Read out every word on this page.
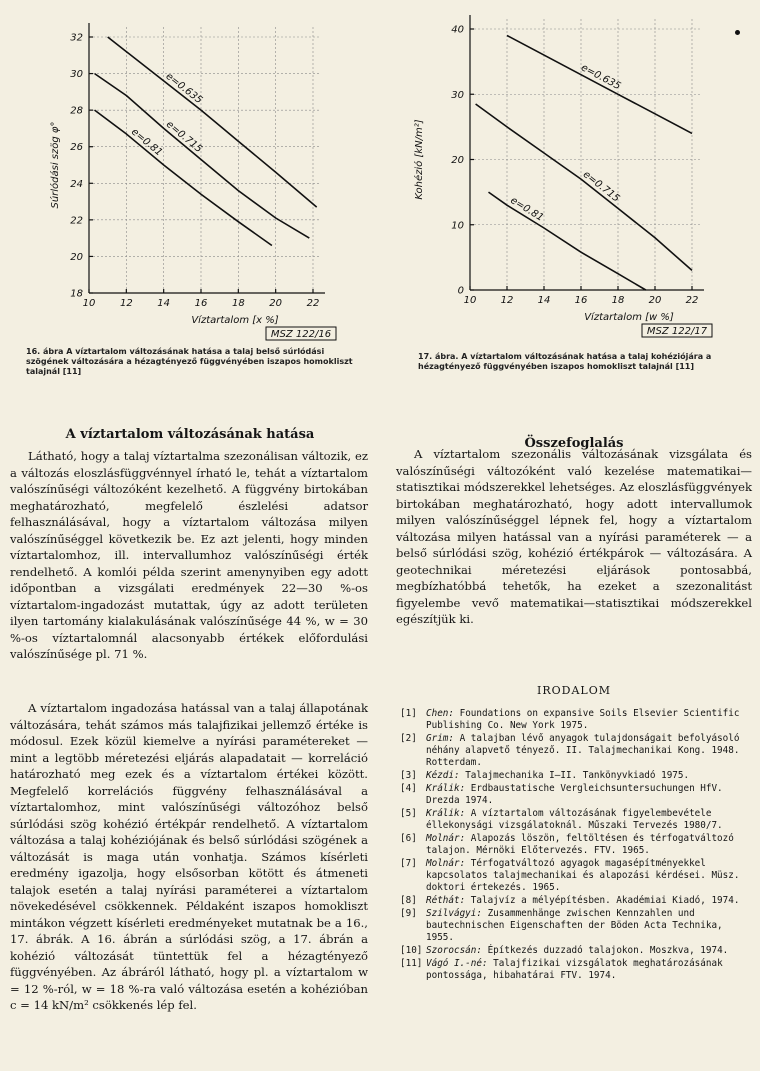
10 12 14 16 18 20 22
18
20
22
24
26
28
30
32
e=0.635
e=0.715
e=0.81
Súrlódási szög φ°
Víztartalom [x %]
MSZ 122/16
16. ábra A víztartalom változásának hatása a talaj belső súrlódási szögének változására a hézagtényező függvényében iszapos homokliszt talajnál [11]
A víztartalom változásának hatása

Látható, hogy a talaj víztartalma szezonálisan változik, ez a változás eloszlásfüggvénnyel írható le, tehát a víztartalom valószínűségi változóként kezelhető. A függvény birtokában meghatározható, megfelelő észlelési adatsor felhasználásával, hogy a víztartalom változása milyen valószínűséggel következik be. Ez azt jelenti, hogy minden víztartalomhoz, ill. intervallumhoz valószínűségi érték rendelhető. A komlói példa szerint amenynyiben egy adott időpontban a vizsgálati eredmények 22—30 %-os víztartalom-ingadozást mutattak, úgy az adott területen ilyen tartomány kialakulásának valószínűsége 44 %, w = 30 %-os víztartalomnál alacsonyabb értékek előfordulási valószínűsége pl. 71 %.

A víztartalom ingadozása hatással van a talaj állapotának változására, tehát számos más talajfizikai jellemző értéke is módosul. Ezek közül kiemelve a nyírási paramétereket — mint a legtöbb méretezési eljárás alapadatait — korreláció határozható meg ezek és a víztartalom értékei között. Megfelelő korrelációs függvény felhasználásával a víztartalomhoz, mint valószínűségi változóhoz belső súrlódási szög kohézió értékpár rendelhető. A víztartalom változása a talaj kohéziójának és belső súrlódási szögének a változását is maga után vonhatja. Számos kísérleti eredmény igazolja, hogy elsősorban kötött és átmeneti talajok esetén a talaj nyírási paraméterei a víztartalom növekedésével csökkennek. Példaként iszapos homokliszt mintákon végzett kísérleti eredményeket mutatnak be a 16., 17. ábrák. A 16. ábrán a súrlódási szög, a 17. ábrán a kohézió változását tüntettük fel a hézagtényező függvényében. Az ábráról látható, hogy pl. a víztartalom w = 12 %-ról, w = 18 %-ra való változása esetén a kohézióban c = 14 kN/m² csökkenés lép fel.

10 12 14 16 18 20 22
0
10
20
30
40
e=0.635
e=0.715
e=0.81
Kohézió [kN/m²]
Víztartalom [w %]
MSZ 122/17
17. ábra. A víztartalom változásának hatása a talaj kohéziójára a hézagtényező függvényében iszapos homokliszt talajnál [11]
Összefoglalás

A víztartalom szezonális változásának vizsgálata és valószínűségi változóként való kezelése matematikai—statisztikai módszerekkel lehetséges. Az eloszlásfüggvények birtokában meghatározható, hogy adott intervallumok milyen valószínűséggel lépnek fel, hogy a víztartalom változása milyen hatással van a nyírási paraméterek — a belső súrlódási szög, kohézió értékpárok — változására. A geotechnikai méretezési eljárások pontosabbá, megbízhatóbbá tehetők, ha ezeket a szezonalitást figyelembe vevő matematikai—statisztikai módszerekkel egészítjük ki.

IRODALOM
[1] Chen: Foundations on expansive Soils Elsevier Scientific Publishing Co. New York 1975.
[2] Grim: A talajban lévő anyagok tulajdonságait befolyásoló néhány alapvető tényező. II. Talajmechanikai Kong. 1948. Rotterdam.
[3] Kézdi: Talajmechanika I—II. Tankönyvkiadó 1975.
[4] Králik: Erdbaustatische Vergleichsuntersuchungen HfV. Drezda 1974.
[5] Králik: A víztartalom változásának figyelembevétele éllekonysági vizsgálatoknál. Műszaki Tervezés 1980/7.
[6] Molnár: Alapozás löszön, feltöltésen és térfogatváltozó talajon. Mérnöki Előtervezés. FTV. 1965.
[7] Molnár: Térfogatváltozó agyagok magasépítményekkel kapcsolatos talajmechanikai és alapozási kérdései. Müsz. doktori értekezés. 1965.
[8] Réthát: Talajvíz a mélyépítésben. Akadémiai Kiadó, 1974.
[9] Szilvágyi: Zusammenhänge zwischen Kennzahlen und bautechnischen Eigenschaften der Böden Acta Technika, 1955.
[10] Szorocsán: Építkezés duzzadó talajokon. Moszkva, 1974.
[11] Vágó I.-né: Talajfizikai vizsgálatok meghatározásának pontossága, hibahatárai FTV. 1974.
